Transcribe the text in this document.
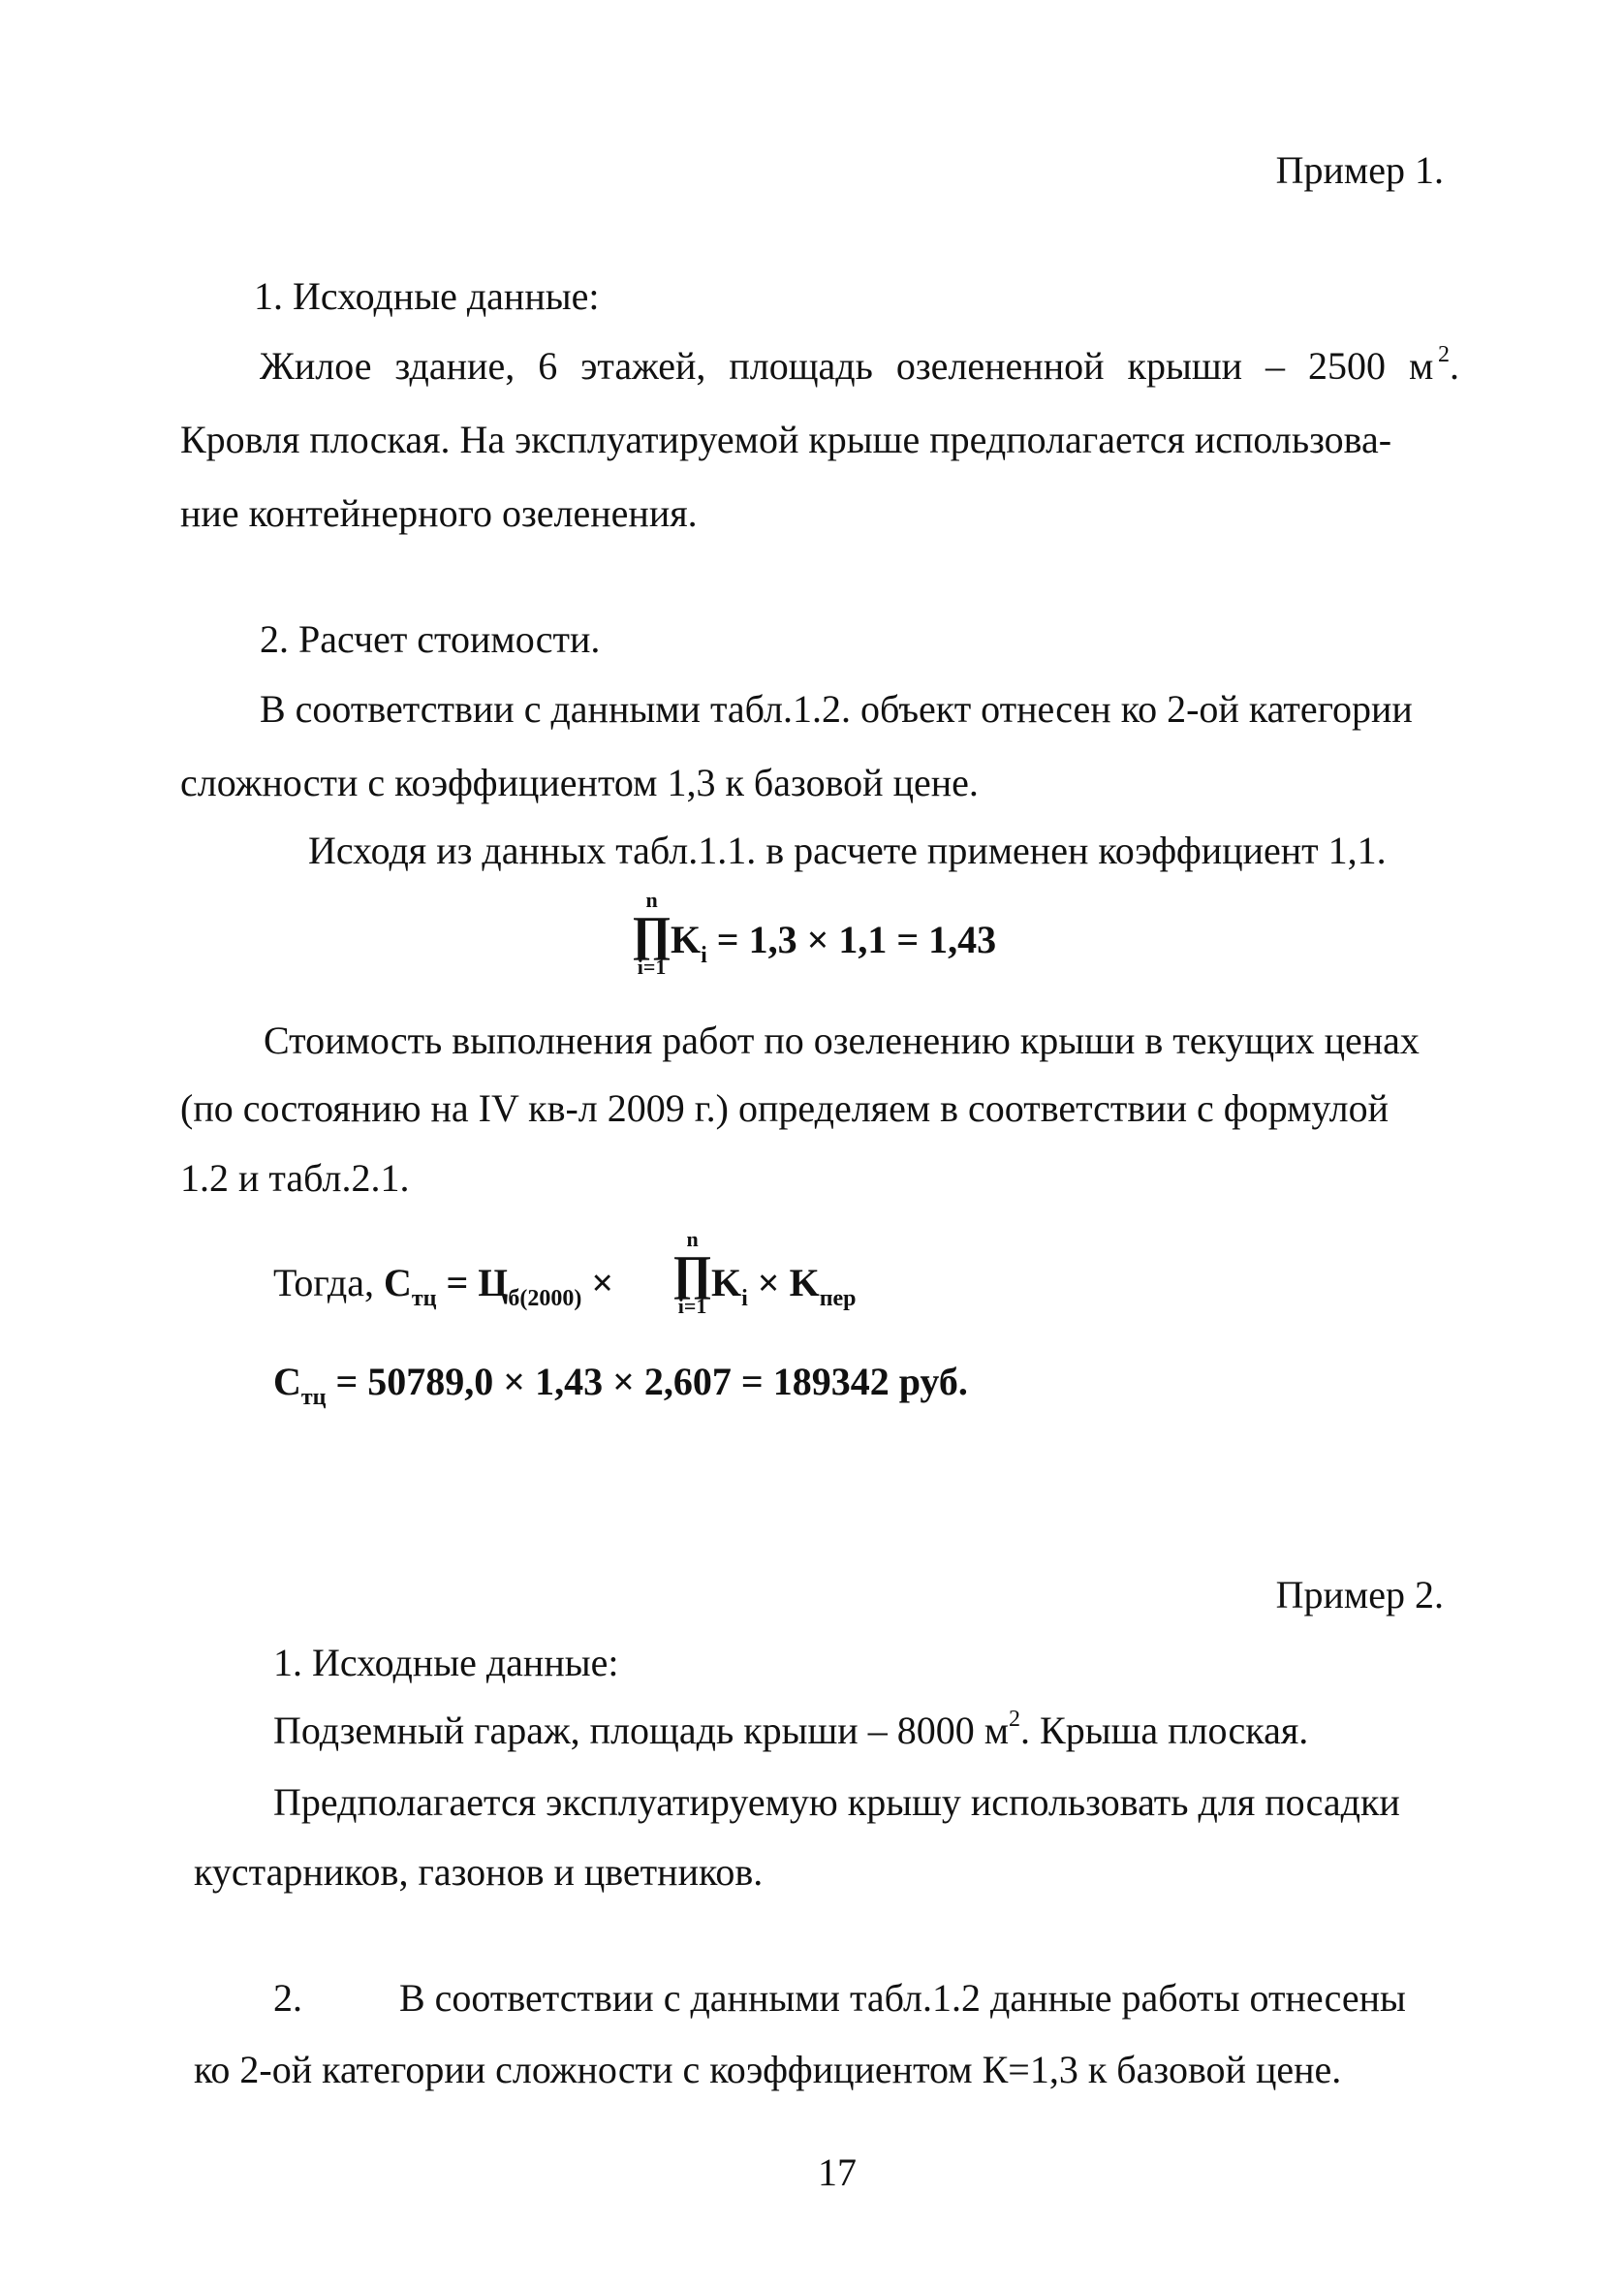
Пример 1.
1. Исходные данные:
Жилое здание, 6 этажей, площадь озелененной крыши – 2500 м $^2$.
Кровля плоская. На эксплуатируемой крыше предполагается использова-
ние контейнерного озеленения.
2. Расчет стоимости.
В соответствии с данными табл.1.2. объект отнесен ко 2-ой категории
сложности с коэффициентом 1,3 к базовой цене.
Исходя из данных табл.1.1. в расчете применен коэффициент 1,1.
n
∏
i=1
$K_i = 1,3 \times 1,1 = 1,43$
Стоимость выполнения работ по озеленению крыши в текущих ценах
(по состоянию на IV кв-л 2009 г.) определяем в соответствии с формулой
1.2 и табл.2.1.
Тогда, $С_{тц} = Ц_{б(2000)}$ ×
n
∏
i=1
$K_i \times K_{пер}$
$С_{тц} = 50789,0 \times 1,43 \times 2,607 = 189342$ руб.
Пример 2.
1. Исходные данные:
Подземный гараж, площадь крыши – 8000 $м^2$. Крыша плоская.
Предполагается эксплуатируемую крышу использовать для посадки
кустарников, газонов и цветников.
2.	В соответствии с данными табл.1.2 данные работы отнесены
ко 2-ой категории сложности с коэффициентом К=1,3 к базовой цене.
17
